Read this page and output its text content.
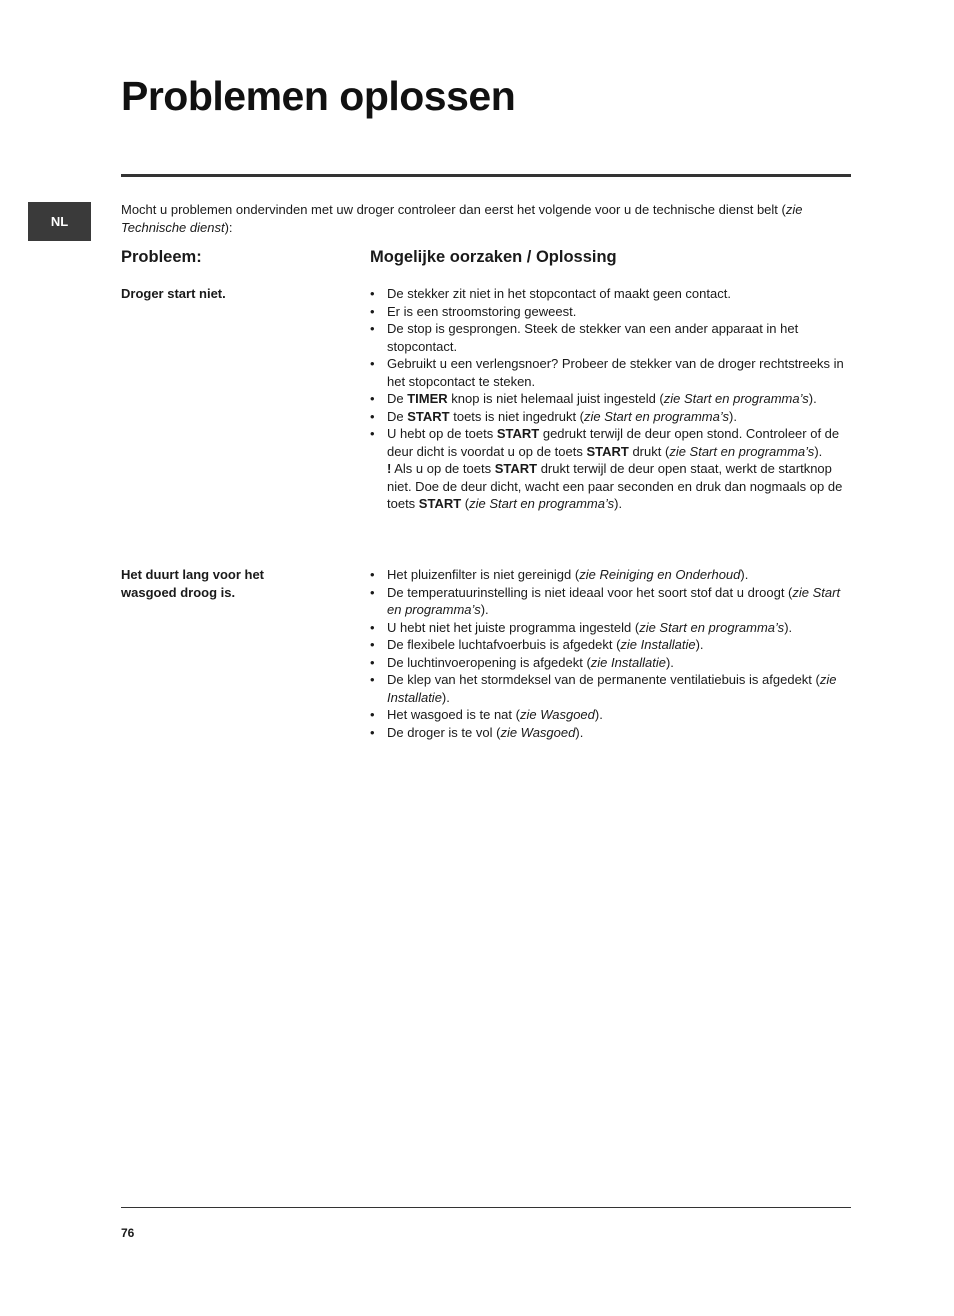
Problemen oplossen
NL

Mocht u problemen ondervinden met uw droger controleer dan eerst het volgende voor u de technische dienst belt (zie Technische dienst):

Probleem:	Mogelijke oorzaken / Oplossing

Droger start niet.	• De stekker zit niet in het stopcontact of maakt geen contact.
• Er is een stroomstoring geweest.
• De stop is gesprongen. Steek de stekker van een ander apparaat in het stopcontact.
• Gebruikt u een verlengsnoer? Probeer de stekker van de droger rechtstreeks in het stopcontact te steken.
• De TIMER knop is niet helemaal juist ingesteld (zie Start en programma’s).
• De START toets is niet ingedrukt (zie Start en programma’s).
• U hebt op de toets START gedrukt terwijl de deur open stond. Controleer of de deur dicht is voordat u op de toets START drukt (zie Start en programma’s).
! Als u op de toets START drukt terwijl de deur open staat, werkt de startknop niet. Doe de deur dicht, wacht een paar seconden en druk dan nogmaals op de toets START (zie Start en programma’s).

Het duurt lang voor het wasgoed droog is.

• Het pluizenfilter is niet gereinigd (zie Reiniging en Onderhoud).
• De temperatuurinstelling is niet ideaal voor het soort stof dat u droogt (zie Start en programma’s).
• U hebt niet het juiste programma ingesteld (zie Start en programma’s).
• De flexibele luchtafvoerbuis is afgedekt (zie Installatie).
• De luchtinvoeropening is afgedekt (zie Installatie).
• De klep van het stormdeksel van de permanente ventilatiebuis is afgedekt (zie Installatie).
• Het wasgoed is te nat (zie Wasgoed).
• De droger is te vol (zie Wasgoed).

76
